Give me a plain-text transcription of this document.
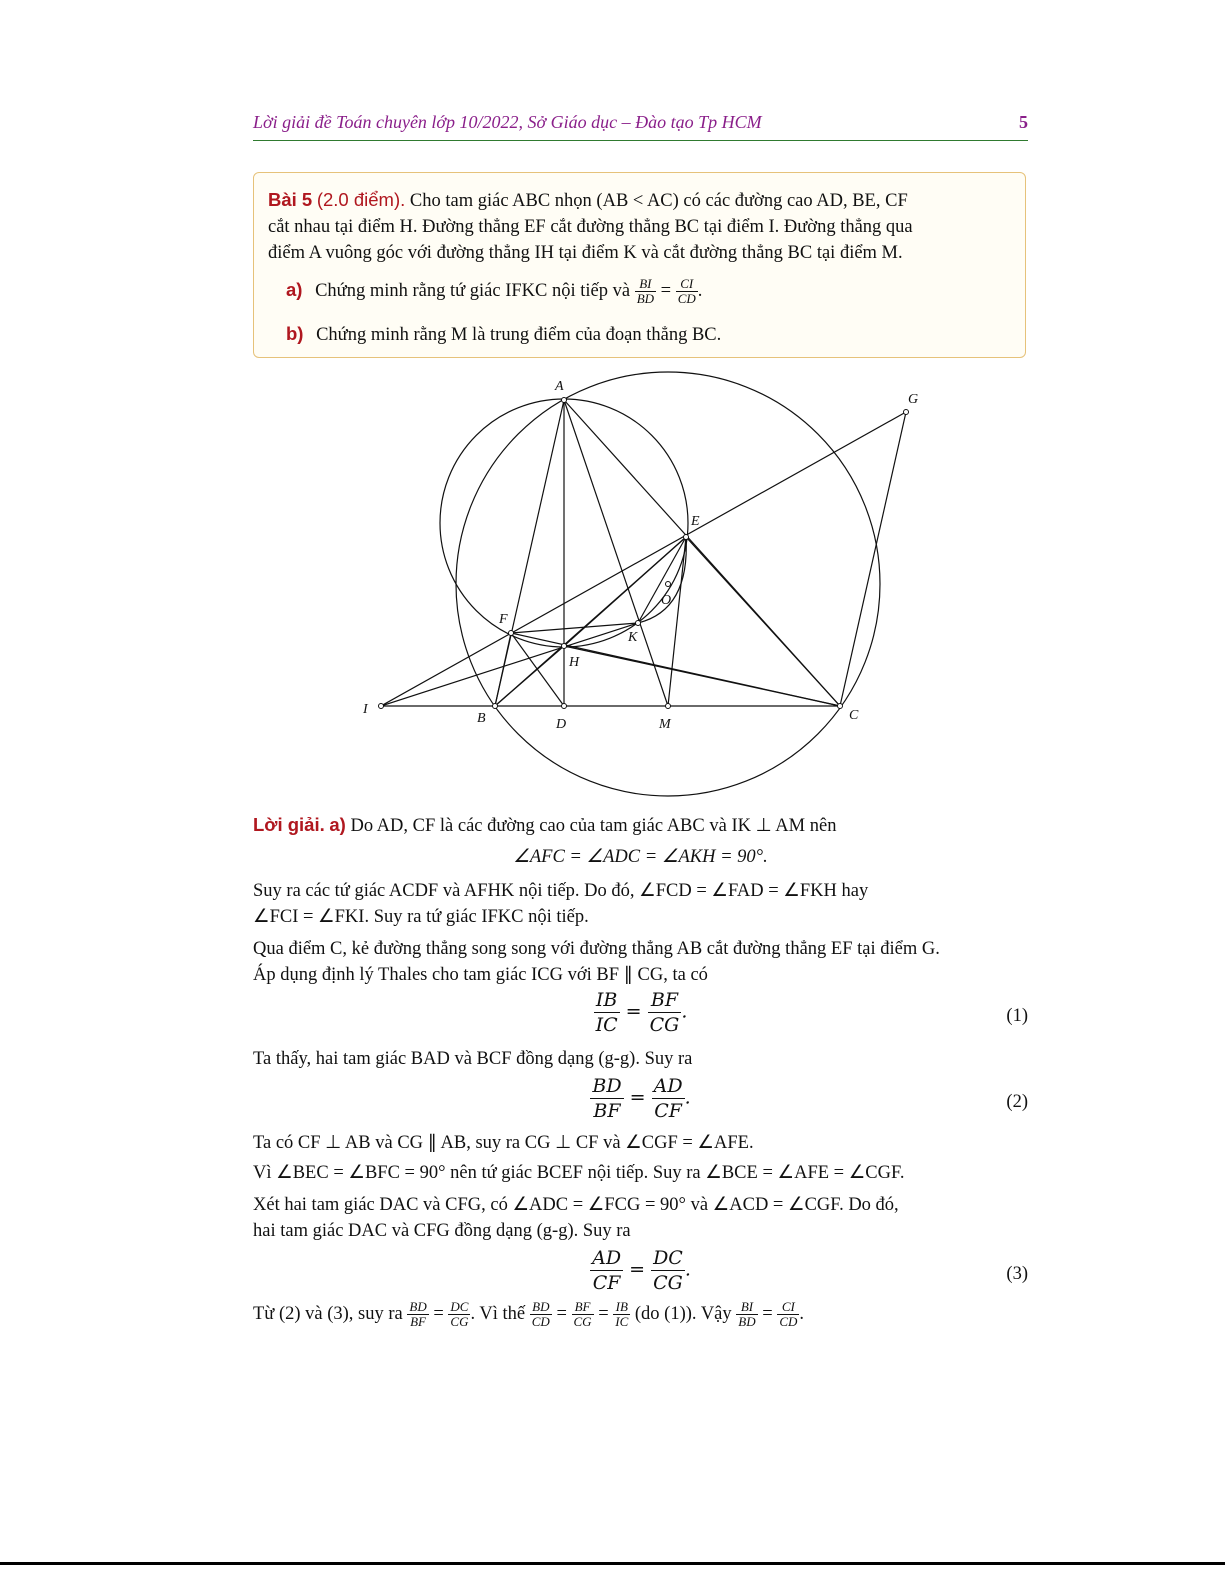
Lời giải đề Toán chuyên lớp 10/2022, Sở Giáo dục – Đào tạo Tp HCM	5
Bài 5 (2.0 điểm). Cho tam giác ABC nhọn (AB < AC) có các đường cao AD, BE, CF
cắt nhau tại điểm H. Đường thẳng EF cắt đường thẳng BC tại điểm I. Đường thẳng qua
điểm A vuông góc với đường thẳng IH tại điểm K và cắt đường thẳng BC tại điểm M.
a) Chứng minh rằng tứ giác IFKC nội tiếp và $\frac{BI}{BD} = \frac{CI}{CD}$ .
b) Chứng minh rằng M là trung điểm của đoạn thẳng BC.
A
G
E
O
F
K
H
I
B	D	M
C
Lời giải. a) Do AD, CF là các đường cao của tam giác ABC và IK ⊥ AM nên
∠AFC = ∠ADC = ∠AKH = 90°.
Suy ra các tứ giác ACDF và AFHK nội tiếp. Do đó, ∠FCD = ∠FAD = ∠FKH hay
∠FCI = ∠FKI. Suy ra tứ giác IFKC nội tiếp.
Qua điểm C, kẻ đường thẳng song song với đường thẳng AB cắt đường thẳng EF tại điểm G.
Áp dụng định lý Thales cho tam giác ICG với BF ∥ CG, ta có
$\frac{IB}{IC} = \frac{BF}{CG}$ .	(1)
Ta thấy, hai tam giác BAD và BCF đồng dạng (g-g). Suy ra
$\frac{BD}{BF} = \frac{AD}{CF}$ .	(2)
Ta có CF ⊥ AB và CG ∥ AB, suy ra CG ⊥ CF và ∠CGF = ∠AFE.
Vì ∠BEC = ∠BFC = 90° nên tứ giác BCEF nội tiếp. Suy ra ∠BCE = ∠AFE = ∠CGF.
Xét hai tam giác DAC và CFG, có ∠ADC = ∠FCG = 90° và ∠ACD = ∠CGF. Do đó,
hai tam giác DAC và CFG đồng dạng (g-g). Suy ra
$\frac{AD}{CF} = \frac{DC}{CG}$ .	(3)
Từ (2) và (3), suy ra $\frac{BD}{BF} = \frac{DC}{CG}$ . Vì thế $\frac{BD}{CD} = \frac{BF}{CG} = \frac{IB}{IC} (do$ (1)). Vậy $\frac{BI}{BD} = \frac{CI}{CD}$ .
